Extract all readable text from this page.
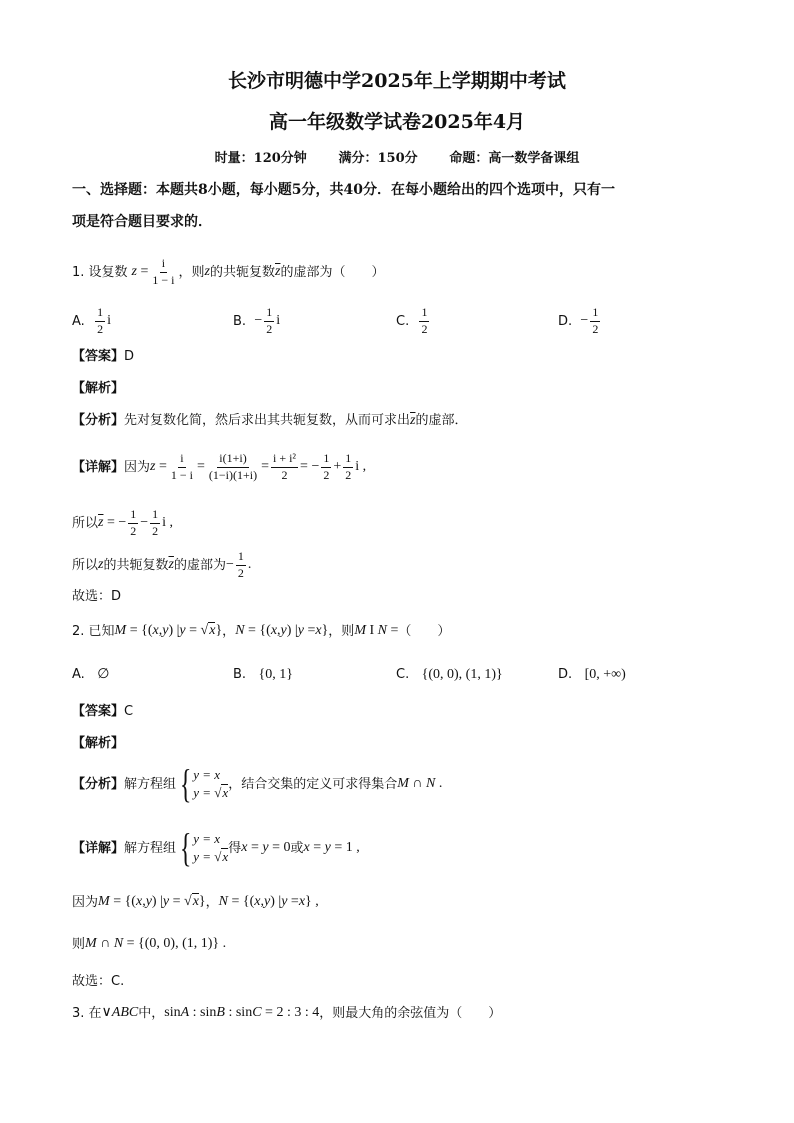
长沙市明德中学2025年上学期期中考试
高一年级数学试卷2025年4月
时量：120分钟 满分：150分 命题：高一数学备课组
一、选择题：本题共8小题，每小题5分，共40分．在每小题给出的四个选项中，只有一
项是符合题目要求的．
1. 设复数 $z = \frac{i}{1 - i}$ ，则 z 的共轭复数 $\overline{z}$ 的虚部为（　　）
A.
$\frac{1}{2}$ i	B.
− $\frac{1}{2}$ i	C.
$\frac{1}{2}$	D.
− $\frac{1}{2}$
【答案】D
【解析】
【分析】先对复数化简，然后求出其共轭复数，从而可求出$\overline{z}$的虚部．
【详解】 因为 $z = \frac{i}{1 - i} = \frac{i(1+i)}{(1-i)(1+i)} = \frac{\text{i + i²}}{2}$ = − $\frac{1}{2} + \frac{1}{2}$ i ,
所以 $\overline{z}$ = − $\frac{1}{2} - \frac{1}{2}$ i ,
所以 z 的共轭复数 $\overline{z}$ 的虚部为 − $\frac{1}{2}$ .
故选：D
2. 已知 M = {( x , y ) | y = √x} ， N = {( x , y ) | y = x } ，则 M I N = （　　）
A. ∅	B. {0, 1}	C. {(0, 0), (1, 1)}	D. [0, +∞)
【答案】C
【解析】
【分析】 解方程组 { y = x
y = √x
，结合交集的定义可求得集合 M ∩ N .
【详解】 解方程组 { y = x
y = √x
得 x = y = 0 或 x = y = 1 ,
因为 M = {( x , y ) | y = √x} ， N = {( x , y ) | y = x } ,
则 M ∩ N = {(0, 0), (1, 1)} .
故选：C.
3. 在 ∨ ABC 中， sin A : sin B : sin C = 2 : 3 : 4 ，则最大角的余弦值为（　　）
